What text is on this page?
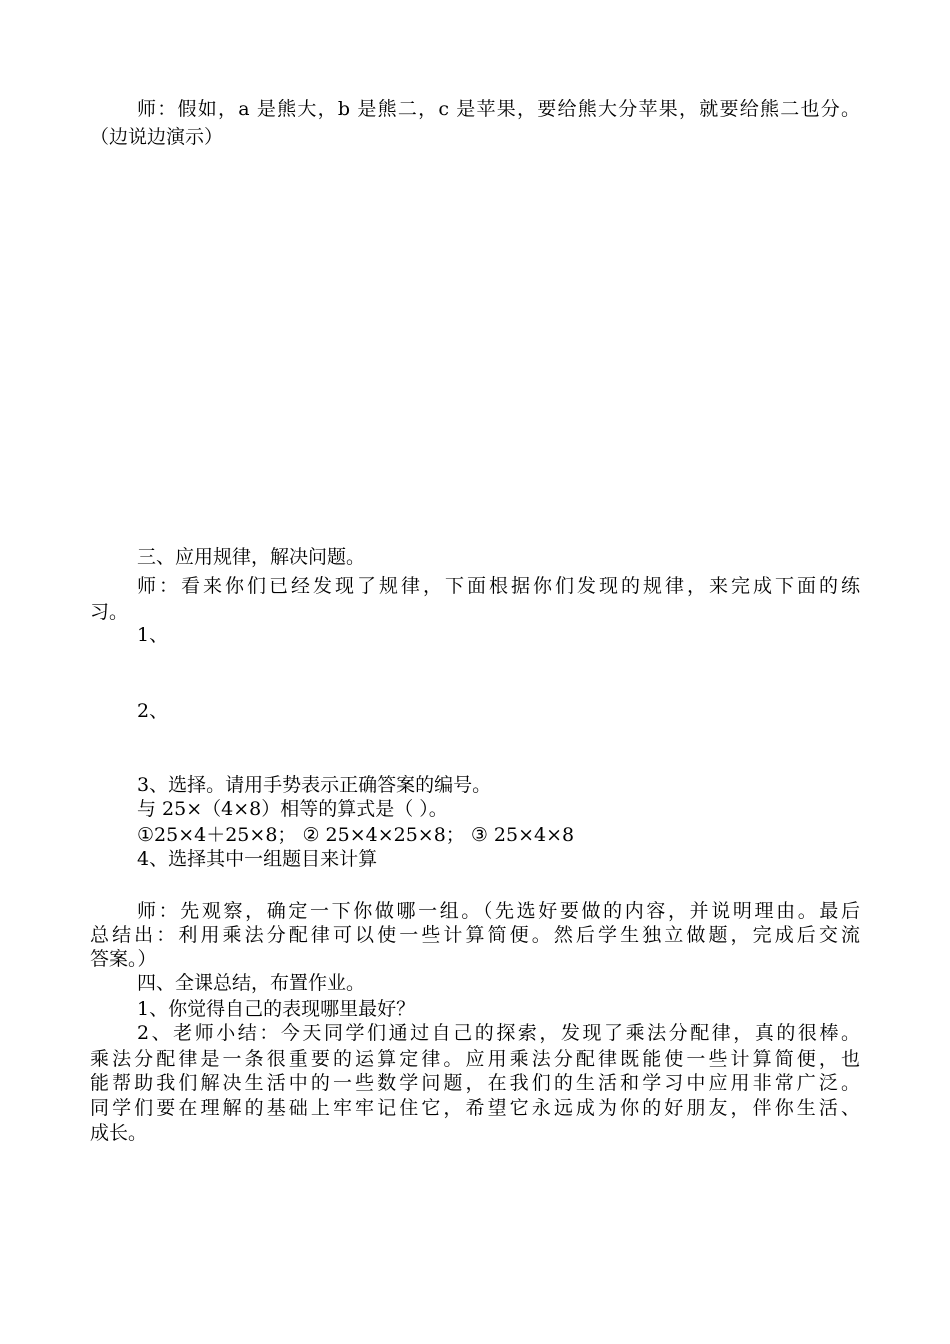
师：假如，a 是熊大，b 是熊二，c 是苹果，要给熊大分苹果，就要给熊二也分。

（边说边演示）

三、应用规律，解决问题。

师：看来你们已经发现了规律，下面根据你们发现的规律，来完成下面的练

习。

1、

2、

3、选择。请用手势表示正确答案的编号。

与 25×（4×8）相等的算式是（ ）。

①25×4＋25×8； ② 25×4×25×8； ③ 25×4×8

4、选择其中一组题目来计算

师：先观察，确定一下你做哪一组。（先选好要做的内容，并说明理由。最后

总结出：利用乘法分配律可以使一些计算简便。然后学生独立做题，完成后交流

答案。）

四、全课总结，布置作业。

1、你觉得自己的表现哪里最好？

2、老师小结：今天同学们通过自己的探索，发现了乘法分配律，真的很棒。

乘法分配律是一条很重要的运算定律。应用乘法分配律既能使一些计算简便，也

能帮助我们解决生活中的一些数学问题，在我们的生活和学习中应用非常广泛。

同学们要在理解的基础上牢牢记住它，希望它永远成为你的好朋友，伴你生活、

成长。
